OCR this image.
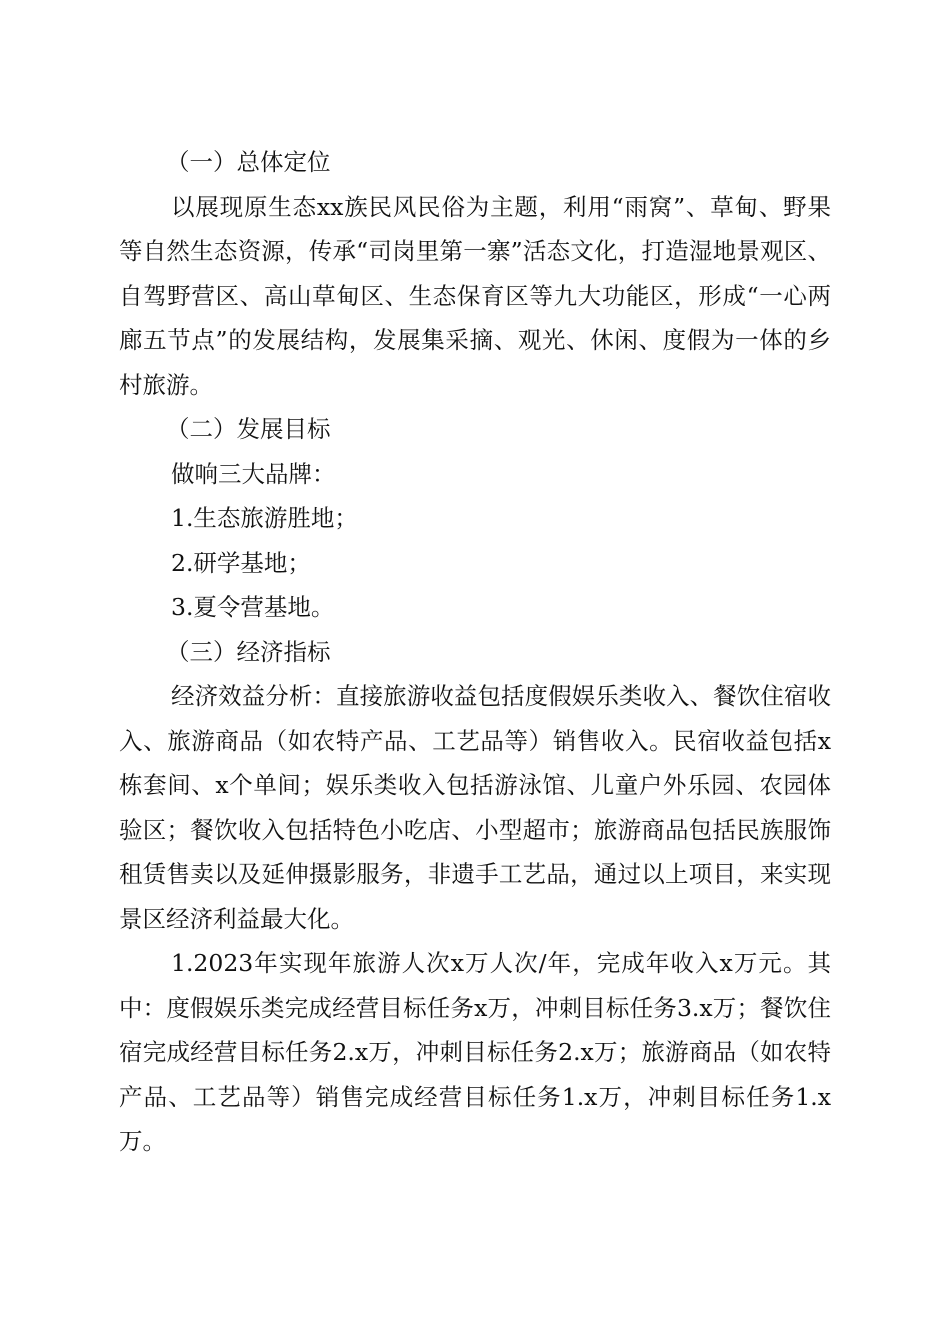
（一）总体定位

以展现原生态xx族民风民俗为主题，利用“雨窝”、草甸、野果等自然生态资源，传承“司岗里第一寨”活态文化，打造湿地景观区、自驾野营区、高山草甸区、生态保育区等九大功能区，形成“一心两廊五节点”的发展结构，发展集采摘、观光、休闲、度假为一体的乡村旅游。

（二）发展目标

做响三大品牌：

1.生态旅游胜地；

2.研学基地；

3.夏令营基地。

（三）经济指标

经济效益分析：直接旅游收益包括度假娱乐类收入、餐饮住宿收入、旅游商品（如农特产品、工艺品等）销售收入。民宿收益包括x栋套间、x个单间；娱乐类收入包括游泳馆、儿童户外乐园、农园体验区；餐饮收入包括特色小吃店、小型超市；旅游商品包括民族服饰租赁售卖以及延伸摄影服务，非遗手工艺品，通过以上项目，来实现景区经济利益最大化。

1.2023年实现年旅游人次x万人次/年，完成年收入x万元。其中：度假娱乐类完成经营目标任务x万，冲刺目标任务3.x万；餐饮住宿完成经营目标任务2.x万，冲刺目标任务2.x万；旅游商品（如农特产品、工艺品等）销售完成经营目标任务1.x万，冲刺目标任务1.x万。
